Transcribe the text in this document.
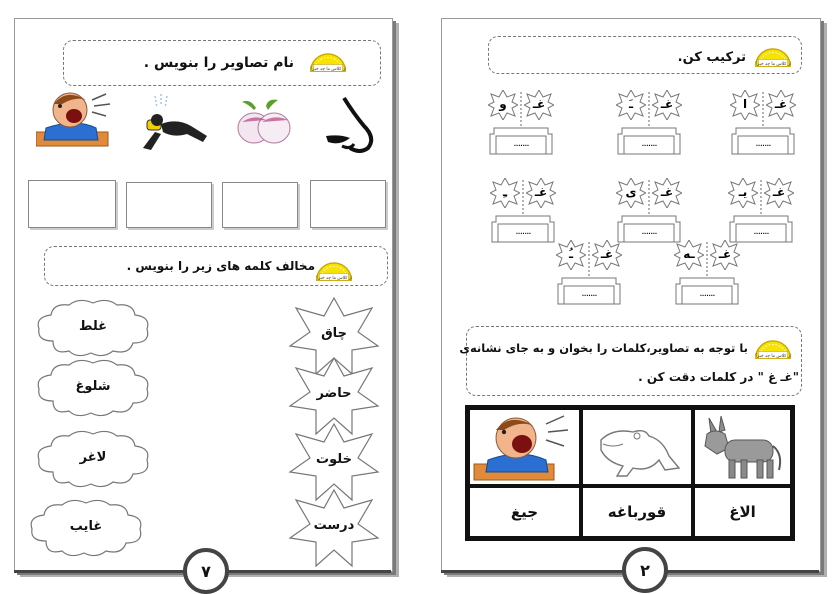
از کلاس ما چه خبر؟
نام تصاویر را بنویس .
از کلاس ما چه خبر؟
مخالف کلمه های زیر را بنویس .
چاق
حاضر
خلوت
درست
غلط
شلوغ
لاغر
غایب
۷
از کلاس ما چه خبر؟
ترکیب کن.
و	غـ
.......
ـَ	غـ
.......
ا	غـ
.......
ـِ	غـ
.......
ی	غـ
.......
یـ	غـ
.......
ـُ	غـ
.......
ـه	غـ
.......
از کلاس ما چه خبر؟
با توجه به تصاویر،کلمات را بخوان و به جای نشانه‌ی
"غـ غ " در کلمات دقت کن .
جیغ	قورباغه	الاغ
۲
